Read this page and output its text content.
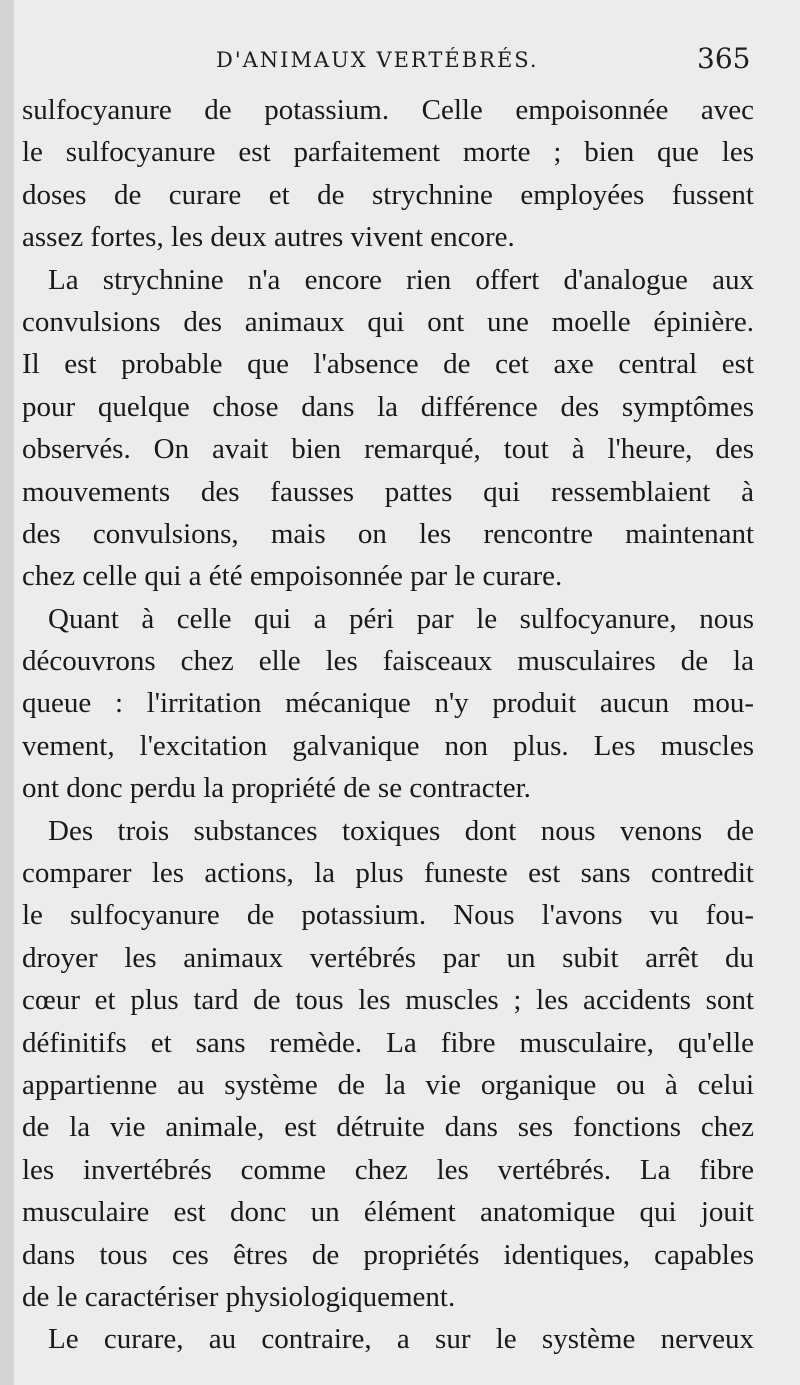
D'ANIMAUX VERTÉBRÉS.	365
sulfocyanure de potassium. Celle empoisonnée avec
le sulfocyanure est parfaitement morte ; bien que les
doses de curare et de strychnine employées fussent
assez fortes, les deux autres vivent encore.
La strychnine n'a encore rien offert d'analogue aux
convulsions des animaux qui ont une moelle épinière.
Il est probable que l'absence de cet axe central est
pour quelque chose dans la différence des symptômes
observés. On avait bien remarqué, tout à l'heure, des
mouvements des fausses pattes qui ressemblaient à
des convulsions, mais on les rencontre maintenant
chez celle qui a été empoisonnée par le curare.
Quant à celle qui a péri par le sulfocyanure, nous
découvrons chez elle les faisceaux musculaires de la
queue : l'irritation mécanique n'y produit aucun mou-
vement, l'excitation galvanique non plus. Les muscles
ont donc perdu la propriété de se contracter.
Des trois substances toxiques dont nous venons de
comparer les actions, la plus funeste est sans contredit
le sulfocyanure de potassium. Nous l'avons vu fou-
droyer les animaux vertébrés par un subit arrêt du
cœur et plus tard de tous les muscles ; les accidents sont
définitifs et sans remède. La fibre musculaire, qu'elle
appartienne au système de la vie organique ou à celui
de la vie animale, est détruite dans ses fonctions chez
les invertébrés comme chez les vertébrés. La fibre
musculaire est donc un élément anatomique qui jouit
dans tous ces êtres de propriétés identiques, capables
de le caractériser physiologiquement.
Le curare, au contraire, a sur le système nerveux
